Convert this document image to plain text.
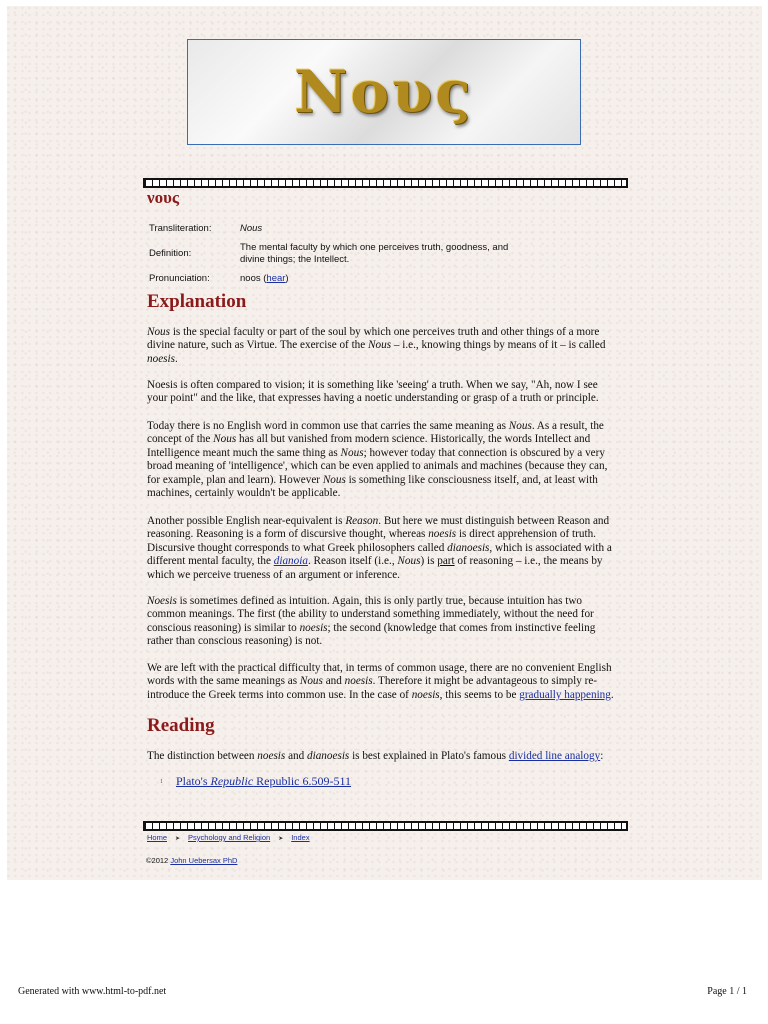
Nους
νους
Transliteration:	Nous
Definition:
The mental faculty by which one perceives truth, goodness, and divine things; the Intellect.
Pronunciation:	noos (hear)
Explanation

Nous is the special faculty or part of the soul by which one perceives truth and other things of a more divine nature, such as Virtue. The exercise of the Nous – i.e., knowing things by means of it – is called noesis.

Noesis is often compared to vision; it is something like 'seeing' a truth. When we say, "Ah, now I see your point" and the like, that expresses having a noetic understanding or grasp of a truth or principle.

Today there is no English word in common use that carries the same meaning as Nous. As a result, the concept of the Nous has all but vanished from modern science. Historically, the words Intellect and Intelligence meant much the same thing as Nous; however today that connection is obscured by a very broad meaning of 'intelligence', which can be even applied to animals and machines (because they can, for example, plan and learn). However Nous is something like consciousness itself, and, at least with machines, certainly wouldn't be applicable.

Another possible English near-equivalent is Reason. But here we must distinguish between Reason and reasoning. Reasoning is a form of discursive thought, whereas noesis is direct apprehension of truth. Discursive thought corresponds to what Greek philosophers called dianoesis, which is associated with a different mental faculty, the dianoia. Reason itself (i.e., Nous) is part of reasoning – i.e., the means by which we perceive trueness of an argument or inference.

Noesis is sometimes defined as intuition. Again, this is only partly true, because intuition has two common meanings. The first (the ability to understand something immediately, without the need for conscious reasoning) is similar to noesis; the second (knowledge that comes from instinctive feeling rather than conscious reasoning) is not.

We are left with the practical difficulty that, in terms of common usage, there are no convenient English words with the same meanings as Nous and noesis. Therefore it might be advantageous to simply re-introduce the Greek terms into common use. In the case of noesis, this seems to be gradually happening.

Reading

The distinction between noesis and dianoesis is best explained in Plato's famous divided line analogy:

1 Plato's Republic Republic 6.509-511
Home ➤ Psychology and Religion ➤ Index
©2012 John Uebersax PhD
Generated with www.html-to-pdf.net	Page 1 / 1
